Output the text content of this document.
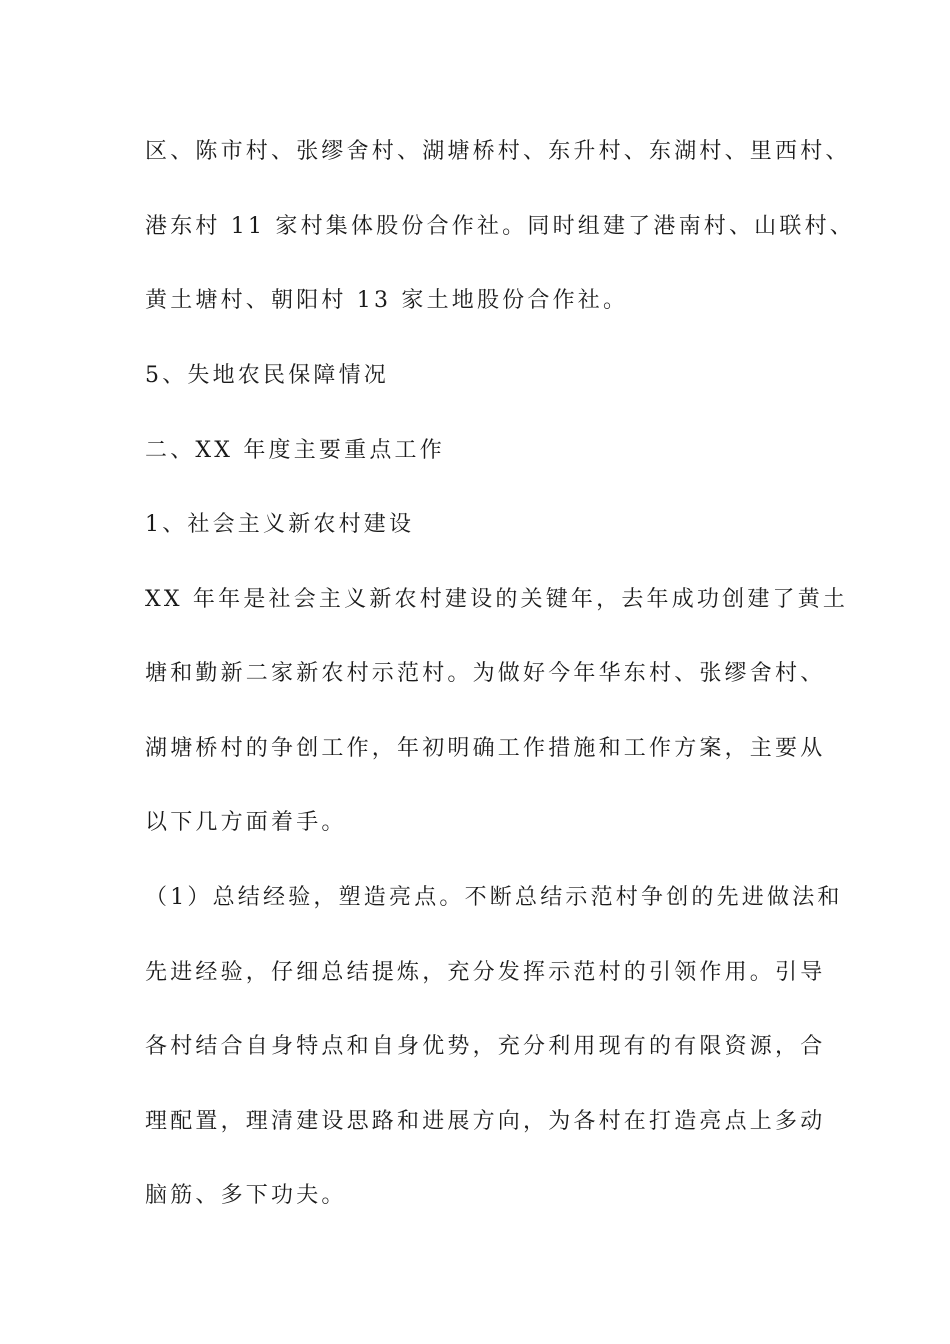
区、陈市村、张缪舍村、湖塘桥村、东升村、东湖村、里西村、
港东村 11 家村集体股份合作社。同时组建了港南村、山联村、
黄土塘村、朝阳村 13 家土地股份合作社。
5、失地农民保障情况
二、XX 年度主要重点工作
1、社会主义新农村建设
XX 年年是社会主义新农村建设的关键年，去年成功创建了黄土
塘和勤新二家新农村示范村。为做好今年华东村、张缪舍村、
湖塘桥村的争创工作，年初明确工作措施和工作方案，主要从
以下几方面着手。
（1）总结经验，塑造亮点。不断总结示范村争创的先进做法和
先进经验，仔细总结提炼，充分发挥示范村的引领作用。引导
各村结合自身特点和自身优势，充分利用现有的有限资源，合
理配置，理清建设思路和进展方向，为各村在打造亮点上多动
脑筋、多下功夫。
